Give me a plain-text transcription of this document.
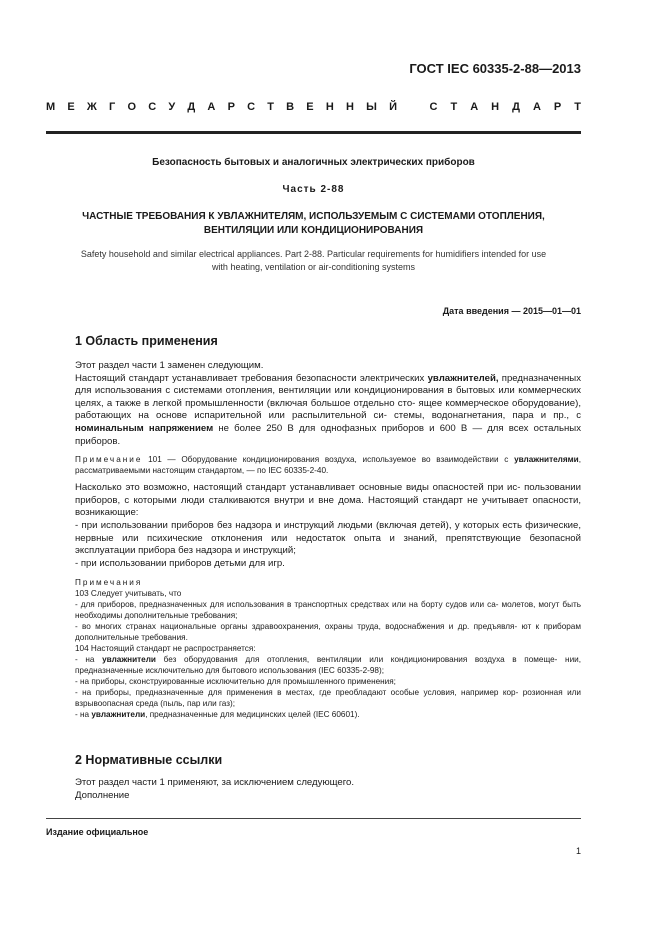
ГОСТ IEC 60335-2-88—2013
М Е Ж Г О С У Д А Р С Т В Е Н Н Ы Й	С Т А Н Д А Р Т
Безопасность бытовых и аналогичных электрических приборов
Часть 2-88
ЧАСТНЫЕ ТРЕБОВАНИЯ К УВЛАЖНИТЕЛЯМ, ИСПОЛЬЗУЕМЫМ С СИСТЕМАМИ ОТОПЛЕНИЯ,
ВЕНТИЛЯЦИИ ИЛИ КОНДИЦИОНИРОВАНИЯ
Safety household and similar electrical appliances. Part 2-88. Particular requirements for humidifiers intended for use
with heating, ventilation or air-conditioning systems
Дата введения — 2015—01—01
1 Область применения

Этот раздел части 1 заменен следующим.

Настоящий стандарт устанавливает требования безопасности электрических увлажнителей, предназначенных для использования с системами отопления, вентиляции или кондиционирования в бытовых или коммерческих целях, а также в легкой промышленности (включая большое отдельно сто- ящее коммерческое оборудование), работающих на основе испарительной или распылительной си- стемы, водонагнетания, пара и пр., с номинальным напряжением не более 250 В для однофазных приборов и 600 В — для всех остальных приборов.

Примечание 101 — Оборудование кондиционирования воздуха, используемое во взаимодействии с увлажнителями, рассматриваемыми настоящим стандартом, — по IEC 60335-2-40.

Насколько это возможно, настоящий стандарт устанавливает основные виды опасностей при ис- пользовании приборов, с которыми люди сталкиваются внутри и вне дома. Настоящий стандарт не учитывает опасности, возникающие:

- при использовании приборов без надзора и инструкций людьми (включая детей), у которых есть физические, нервные или психические отклонения или недостаток опыта и знаний, препятствующие безопасной эксплуатации прибора без надзора и инструкций;

- при использовании приборов детьми для игр.

Примечания

103 Следует учитывать, что

- для приборов, предназначенных для использования в транспортных средствах или на борту судов или са- молетов, могут быть необходимы дополнительные требования;

- во многих странах национальные органы здравоохранения, охраны труда, водоснабжения и др. предъявля- ют к приборам дополнительные требования.

104 Настоящий стандарт не распространяется:

- на увлажнители без оборудования для отопления, вентиляции или кондиционирования воздуха в помеще- нии, предназначенные исключительно для бытового использования (IEC 60335-2-98);

- на приборы, сконструированные исключительно для промышленного применения;

- на приборы, предназначенные для применения в местах, где преобладают особые условия, например кор- розионная или взрывоопасная среда (пыль, пар или газ);

- на увлажнители, предназначенные для медицинских целей (IEC 60601).

2 Нормативные ссылки

Этот раздел части 1 применяют, за исключением следующего.

Дополнение

Издание официальное
1
